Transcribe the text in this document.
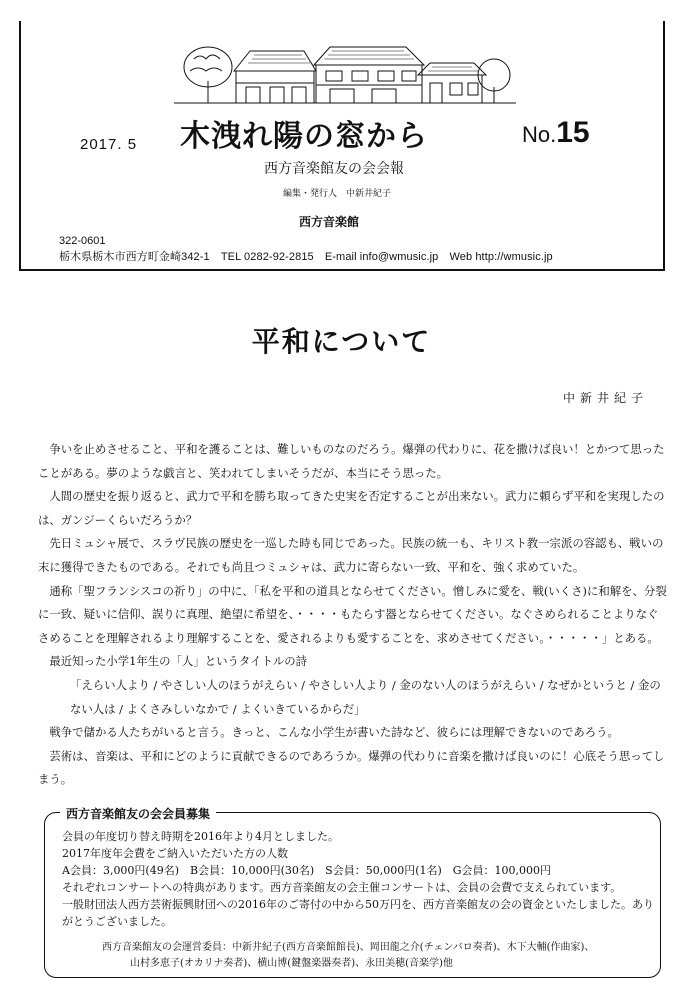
2017. 5 木洩れ陽の窓から	No.15
西方音楽館友の会会報
編集・発行人　中新井紀子
西方音楽館
322-0601
栃木県栃木市西方町金崎342-1　TEL 0282-92-2815　E-mail info@wmusic.jp　Web http://wmusic.jp
平和について
中新井紀子

争いを止めさせること、平和を護ることは、難しいものなのだろう。爆弾の代わりに、花を撒けば良い！とかつて思ったことがある。夢のような戯言と、笑われてしまいそうだが、本当にそう思った。

人間の歴史を振り返ると、武力で平和を勝ち取ってきた史実を否定することが出来ない。武力に頼らず平和を実現したのは、ガンジーくらいだろうか？

先日ミュシャ展で、スラヴ民族の歴史を一巡した時も同じであった。民族の統一も、キリスト教一宗派の容認も、戦いの末に獲得できたものである。それでも尚且つミュシャは、武力に寄らない一致、平和を、強く求めていた。

通称「聖フランシスコの祈り」の中に、「私を平和の道具とならせてください。憎しみに愛を、戦(いくさ)に和解を、分裂に一致、疑いに信仰、誤りに真理、絶望に希望を、・・・・もたらす器とならせてください。なぐさめられることよりなぐさめることを理解されるより理解することを、愛されるよりも愛することを、求めさせてください。・・・・・」とある。

最近知った小学1年生の「人」というタイトルの詩

「えらい人より / やさしい人のほうがえらい / やさしい人より / 金のない人のほうがえらい / なぜかというと / 金のない人は / よくさみしいなかで / よくいきているからだ」

戦争で儲かる人たちがいると言う。きっと、こんな小学生が書いた詩など、彼らには理解できないのであろう。

芸術は、音楽は、平和にどのように貢献できるのであろうか。爆弾の代わりに音楽を撒けば良いのに！心底そう思ってしまう。

西方音楽館友の会会員募集
会員の年度切り替え時期を2016年より4月としました。
2017年度年会費をご納入いただいた方の人数
A会員：3,000円(49名)　B会員：10,000円(30名)　S会員：50,000円(1名)　G会員：100,000円
それぞれコンサートへの特典があります。西方音楽館友の会主催コンサートは、会員の会費で支えられています。
一般財団法人西方芸術振興財団への2016年のご寄付の中から50万円を、西方音楽館友の会の資金といたしました。ありがとうございました。
西方音楽館友の会運営委員：中新井紀子(西方音楽館館長)、岡田龍之介(チェンバロ奏者)、木下大輔(作曲家)、
山村多恵子(オカリナ奏者)、横山博(鍵盤楽器奏者)、永田美穂(音楽学)他
